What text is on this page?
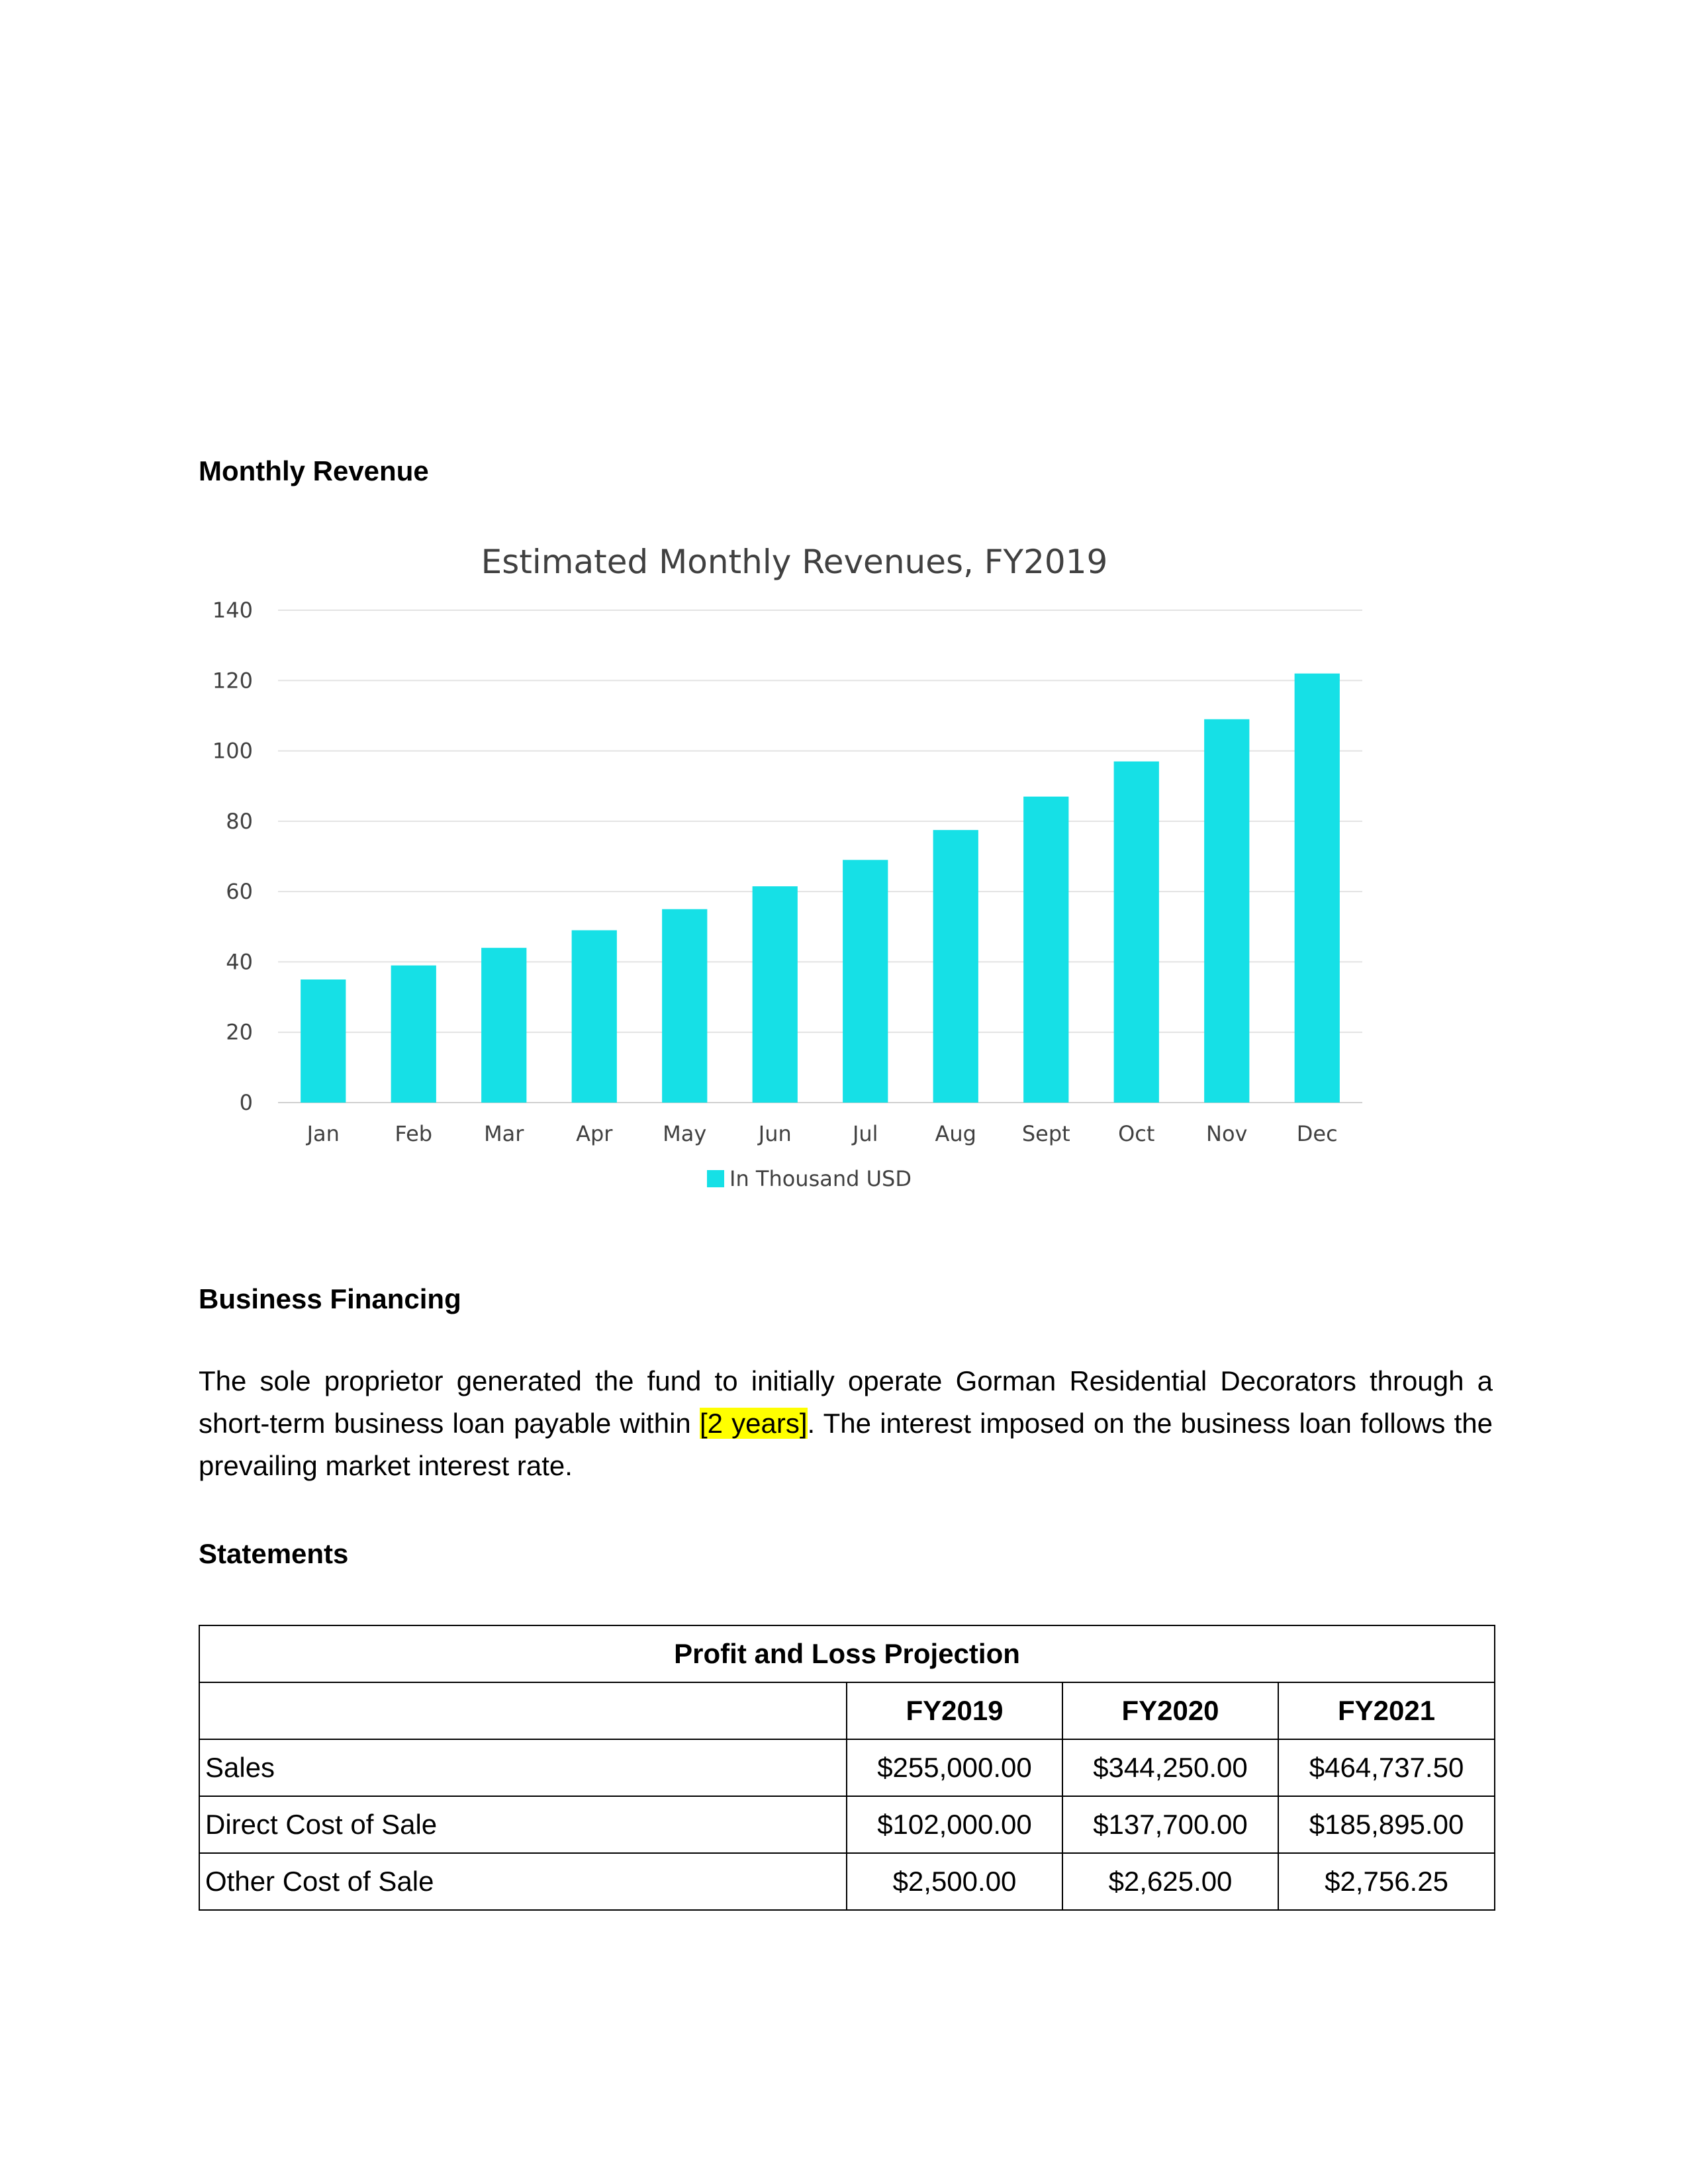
Monthly Revenue
Estimated Monthly Revenues, FY2019
0
20
40
60
80
100
120
140
Jan	Feb Mar Apr May Jun	Jul	Aug Sept Oct Nov Dec
In Thousand USD
Business Financing
The sole proprietor generated the fund to initially operate Gorman Residential Decorators through a short-term business loan payable within [2 years]. The interest imposed on the business loan follows the prevailing market interest rate.
Statements
Profit and Loss Projection			
	FY2019	FY2020	FY2021
Sales	$255,000.00	$344,250.00	$464,737.50
Direct Cost of Sale	$102,000.00	$137,700.00	$185,895.00
Other Cost of Sale	$2,500.00	$2,625.00	$2,756.25
